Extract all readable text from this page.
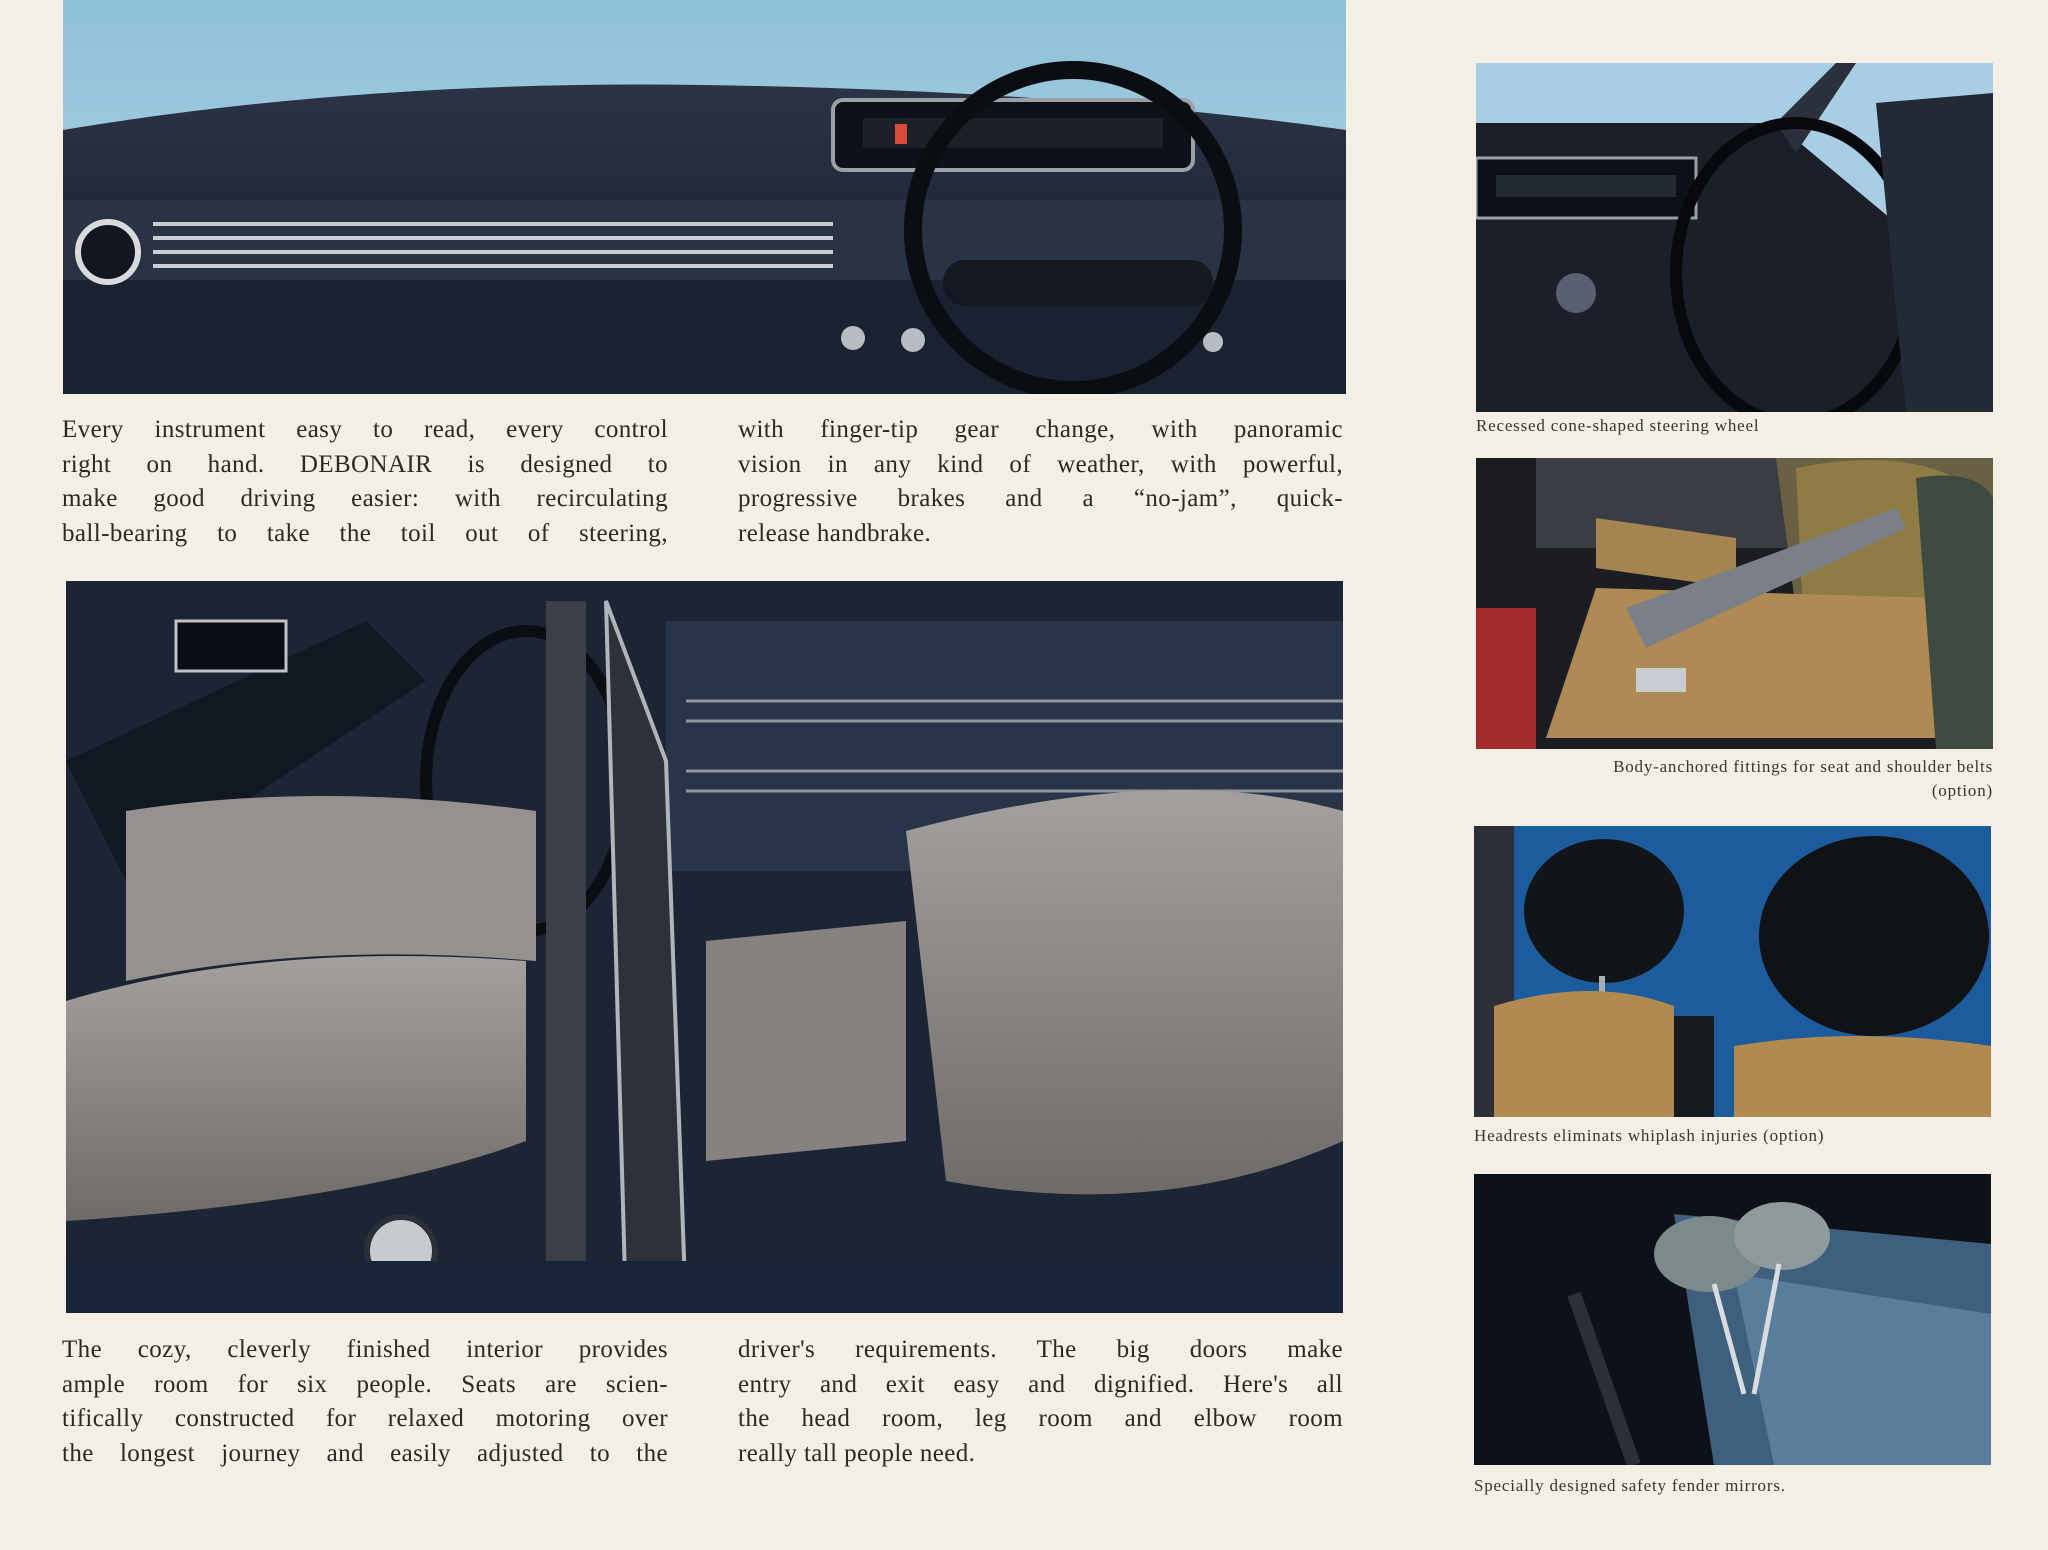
Every instrument easy to read, every control
right on hand. DEBONAIR is designed to
make good driving easier: with recirculating
ball-bearing to take the toil out of steering,
with finger-tip gear change, with panoramic
vision in any kind of weather, with powerful,
progressive brakes and a “no-jam”, quick-
release handbrake.
The cozy, cleverly finished interior provides
ample room for six people. Seats are scien-
tifically constructed for relaxed motoring over
the longest journey and easily adjusted to the
driver's requirements. The big doors make
entry and exit easy and dignified. Here's all
the head room, leg room and elbow room
really tall people need.
Recessed cone-shaped steering wheel
Body-anchored fittings for seat and shoulder belts
(option)
Headrests eliminats whiplash injuries (option)
Specially designed safety fender mirrors.
